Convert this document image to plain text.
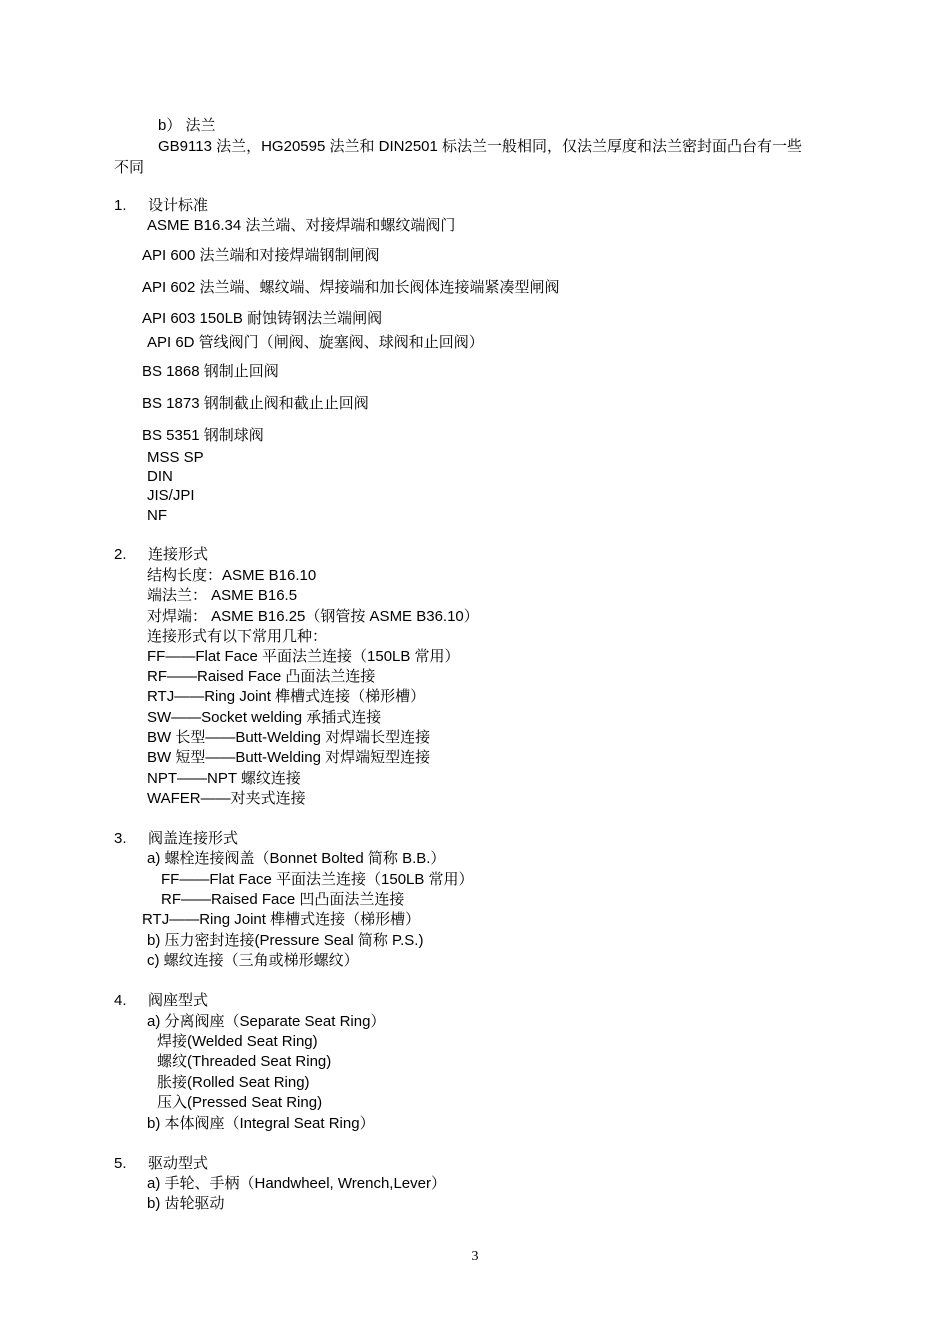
b） 法兰
GB9113 法兰，HG20595 法兰和 DIN2501 标法兰一般相同，仅法兰厚度和法兰密封面凸台有一些
不同
1. 设计标准
ASME B16.34 法兰端、对接焊端和螺纹端阀门
API 600 法兰端和对接焊端钢制闸阀
API 602 法兰端、螺纹端、焊接端和加长阀体连接端紧凑型闸阀
API 603 150LB 耐蚀铸钢法兰端闸阀
API 6D 管线阀门（闸阀、旋塞阀、球阀和止回阀）
BS 1868 钢制止回阀
BS 1873 钢制截止阀和截止止回阀
BS 5351 钢制球阀
MSS SP
DIN
JIS/JPI
NF
2. 连接形式
结构长度：ASME B16.10
端法兰： ASME B16.5
对焊端： ASME B16.25（钢管按 ASME B36.10）
连接形式有以下常用几种：
FF——Flat Face 平面法兰连接（150LB 常用）
RF——Raised Face 凸面法兰连接
RTJ——Ring Joint 榫槽式连接（梯形槽）
SW——Socket welding 承插式连接
BW 长型——Butt-Welding 对焊端长型连接
BW 短型——Butt-Welding 对焊端短型连接
NPT——NPT 螺纹连接
WAFER——对夹式连接
3. 阀盖连接形式
a) 螺栓连接阀盖（Bonnet Bolted 简称 B.B.）
FF——Flat Face 平面法兰连接（150LB 常用）
RF——Raised Face 凹凸面法兰连接
RTJ——Ring Joint 榫槽式连接（梯形槽）
b) 压力密封连接(Pressure Seal 简称 P.S.)
c) 螺纹连接（三角或梯形螺纹）
4. 阀座型式
a) 分离阀座（Separate Seat Ring）
焊接(Welded Seat Ring)
螺纹(Threaded Seat Ring)
胀接(Rolled Seat Ring)
压入(Pressed Seat Ring)
b) 本体阀座（Integral Seat Ring）
5. 驱动型式
a) 手轮、手柄（Handwheel, Wrench,Lever）
b) 齿轮驱动
3
